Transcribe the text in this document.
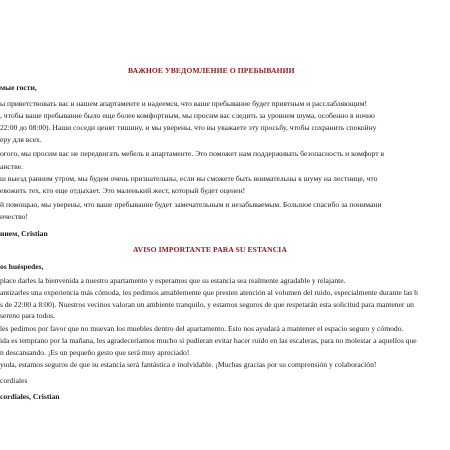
ВАЖНОЕ УВЕДОМЛЕНИЕ О ПРЕБЫВАНИИ
мые гости,
ы приветствовать вас в нашем апартаменте и надеемся, что ваше пребывание будет приятным и расслабляющим!
, чтобы ваше пребывание было еще более комфортным, мы просим вас следить за уровнем шума, особенно в ночно
22:00 до 08:00). Наши соседи ценят тишину, и мы уверены, что вы уважаете эту просьбу, чтобы сохранить спокойну
еру для всех.
огого, мы просим вас не передвигать мебель в апартаменте. Это поможет нам поддерживать безопасность и комфорт в
анстве.
ш выезд ранним утром, мы будем очень признательны, если вы сможете быть внимательны к шуму на лестнице, что
евожить тех, кто еще отдыхает. Это маленький жест, который будет оценен!
й помощью, мы уверены, что ваше пребывание будет замечательным и незабываемым. Большое спасибо за понимани
ичество!
нием, Cristian
AVISO IMPORTANTE PARA SU ESTANCIA
os huéspedes,
place darles la bienvenida a nuestro apartamento y esperamos que su estancia sea realmente agradable y relajante.
antizarles una experiencia más cómoda, les pedimos amablemente que presten atención al volumen del ruido, especialmente durante las h
s de 22:00 a 8:00). Nuestros vecinos valoran un ambiente tranquilo, y estamos seguros de que respetarán esta solicitud para mantener un
sereno para todos.
les pedimos por favor que no muevan los muebles dentro del apartamento. Esto nos ayudará a mantener el espacio seguro y cómodo.
ida es temprano por la mañana, les agradeceríamos mucho si pudieran evitar hacer ruido en las escaleras, para no molestar a aquellos que
n descansando. ¡Es un pequeño gesto que será muy apreciado!
yuda, estamos seguros de que su estancia será fantástica e inolvidable. ¡Muchas gracias por su comprensión y colaboración!
cordiales
cordiales, Cristian
